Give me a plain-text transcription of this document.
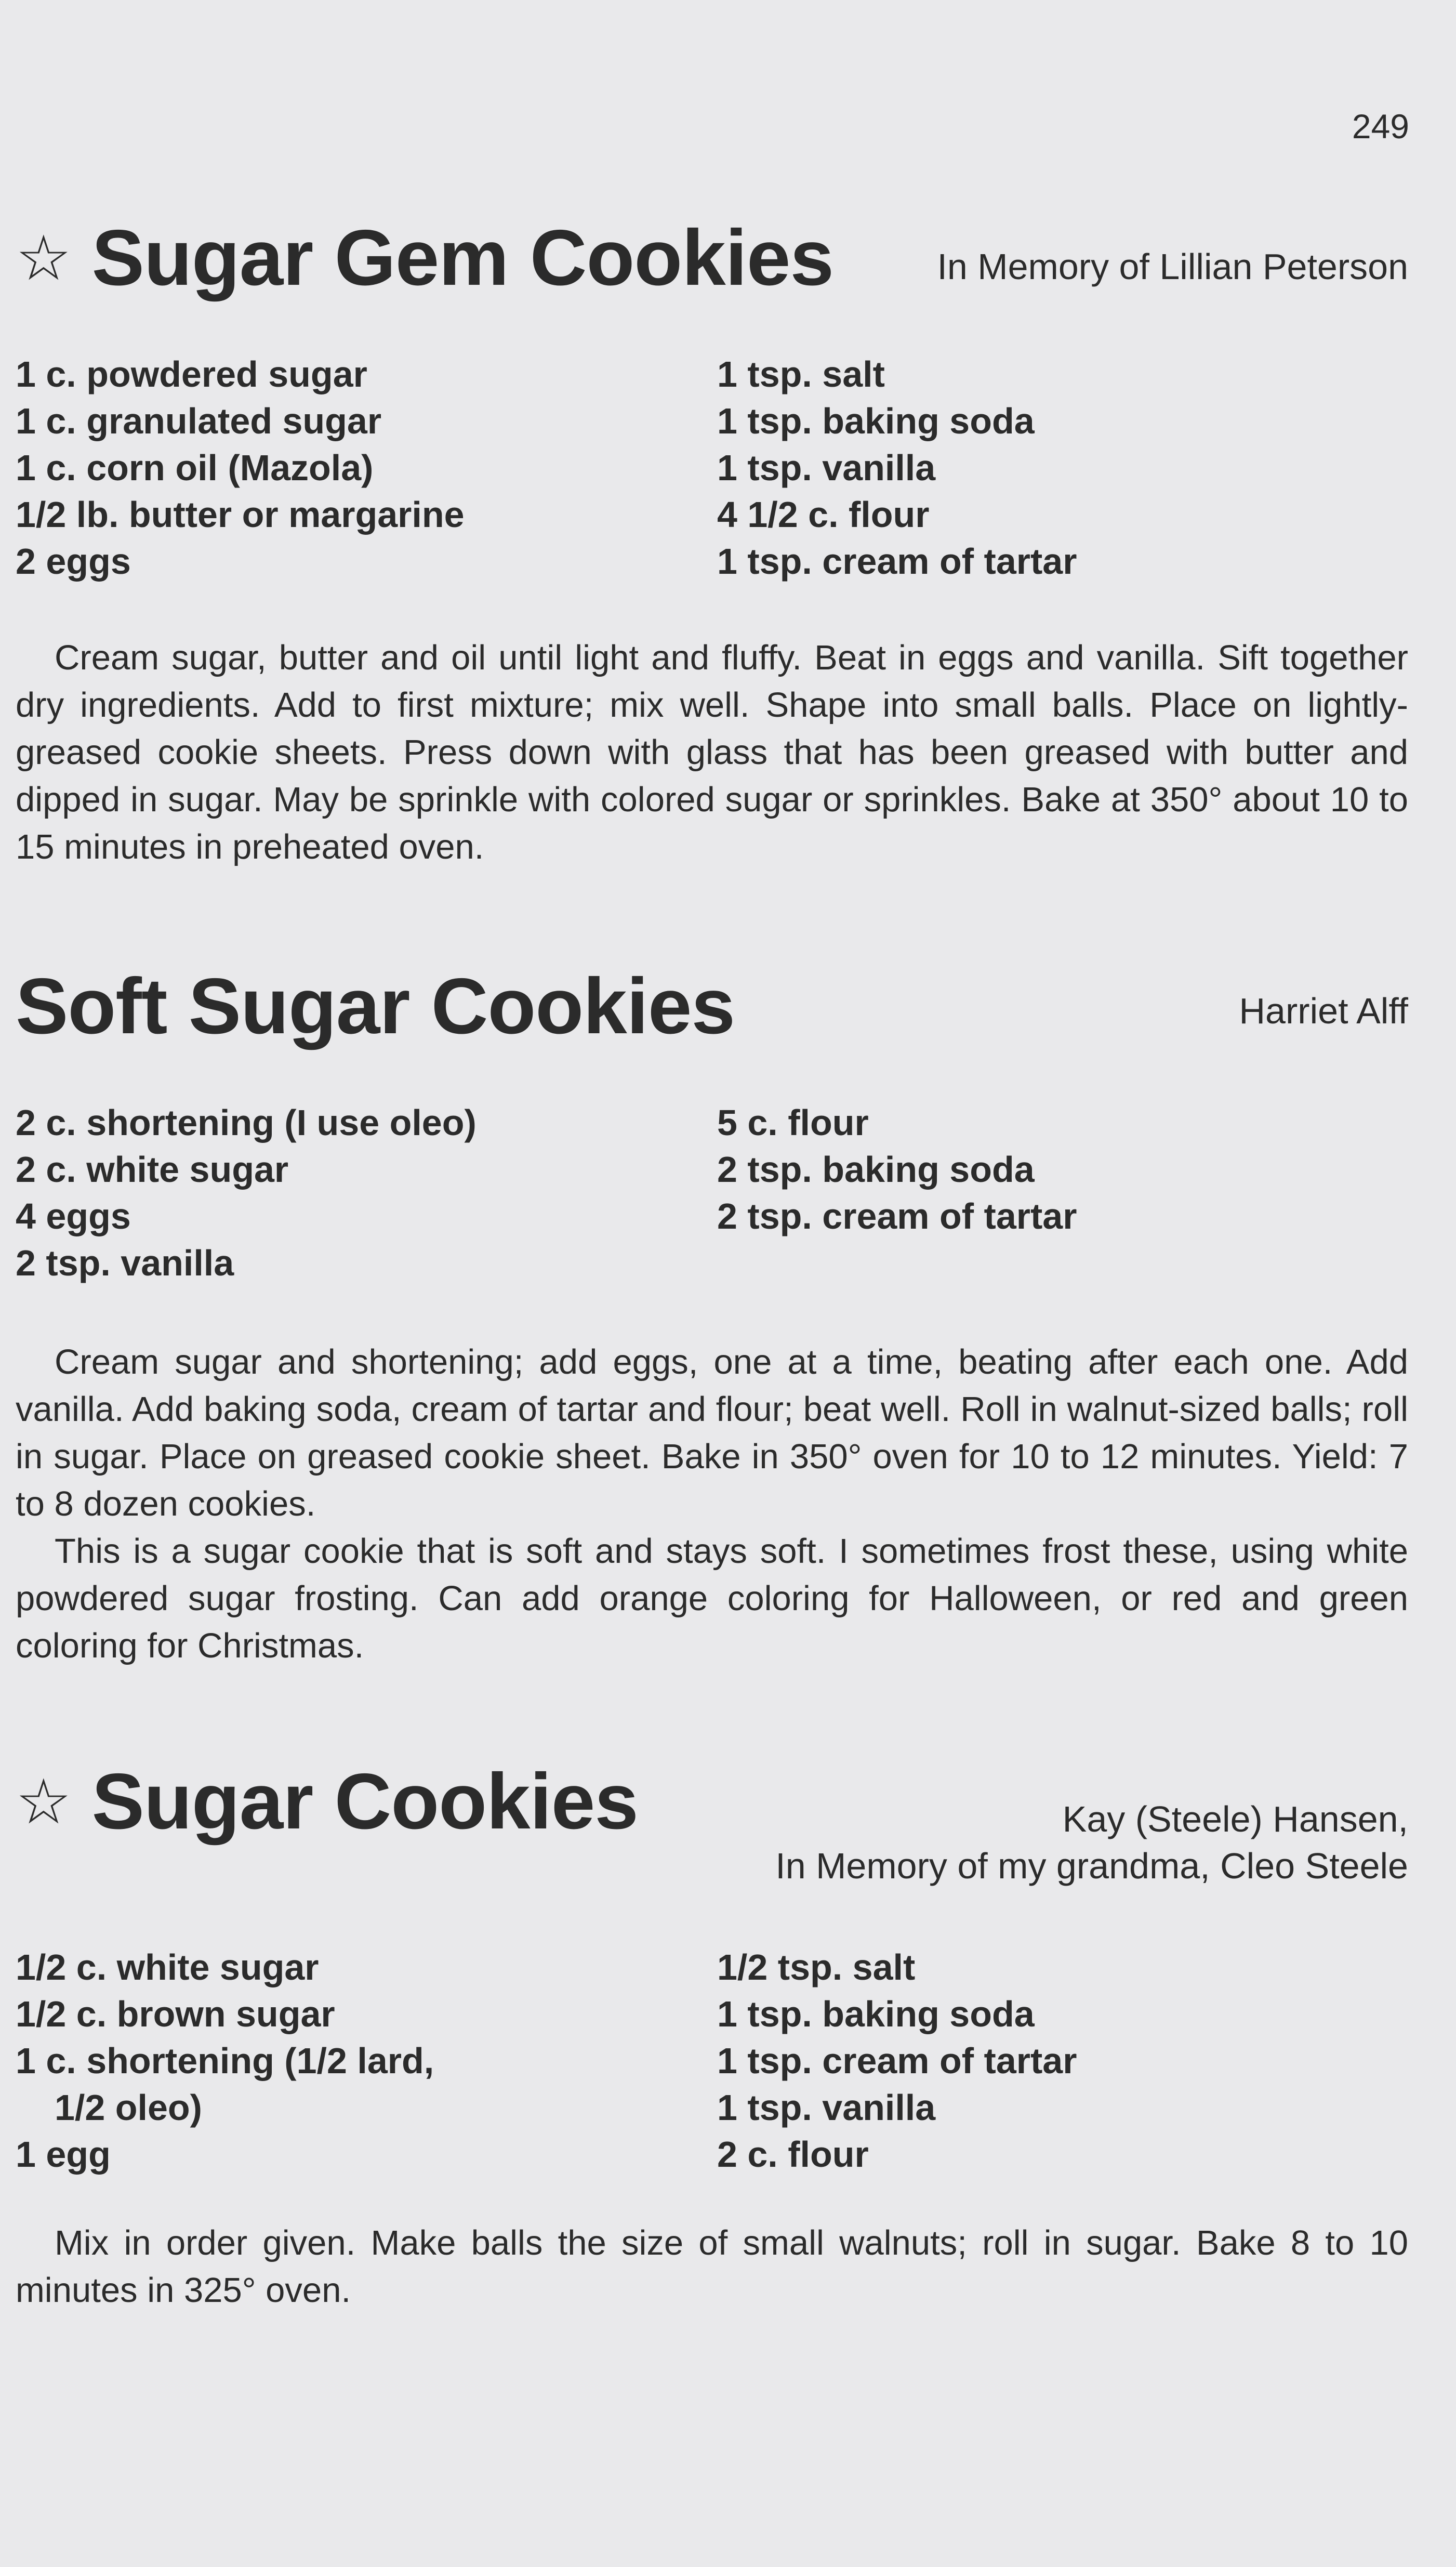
249
☆ Sugar Gem Cookies	In Memory of Lillian Peterson
1 c. powdered sugar
1 c. granulated sugar
1 c. corn oil (Mazola)
1/2 lb. butter or margarine
2 eggs
1 tsp. salt
1 tsp. baking soda
1 tsp. vanilla
4 1/2 c. flour
1 tsp. cream of tartar

Cream sugar, butter and oil until light and fluffy. Beat in eggs and vanilla. Sift together dry ingredients. Add to first mixture; mix well. Shape into small balls. Place on lightly-greased cookie sheets. Press down with glass that has been greased with butter and dipped in sugar. May be sprinkle with colored sugar or sprinkles. Bake at 350° about 10 to 15 minutes in preheated oven.

Soft Sugar Cookies	Harriet Alff
2 c. shortening (I use oleo)
2 c. white sugar
4 eggs
2 tsp. vanilla
5 c. flour
2 tsp. baking soda
2 tsp. cream of tartar

Cream sugar and shortening; add eggs, one at a time, beating after each one. Add vanilla. Add baking soda, cream of tartar and flour; beat well. Roll in walnut-sized balls; roll in sugar. Place on greased cookie sheet. Bake in 350° oven for 10 to 12 minutes. Yield: 7 to 8 dozen cookies.

This is a sugar cookie that is soft and stays soft. I sometimes frost these, using white powdered sugar frosting. Can add orange coloring for Halloween, or red and green coloring for Christmas.

☆ Sugar Cookies	Kay (Steele) Hansen,
In Memory of my grandma, Cleo Steele
1/2 c. white sugar
1/2 c. brown sugar
1 c. shortening (1/2 lard,
1/2 oleo)
1 egg
1/2 tsp. salt
1 tsp. baking soda
1 tsp. cream of tartar
1 tsp. vanilla
2 c. flour

Mix in order given. Make balls the size of small walnuts; roll in sugar. Bake 8 to 10 minutes in 325° oven.
